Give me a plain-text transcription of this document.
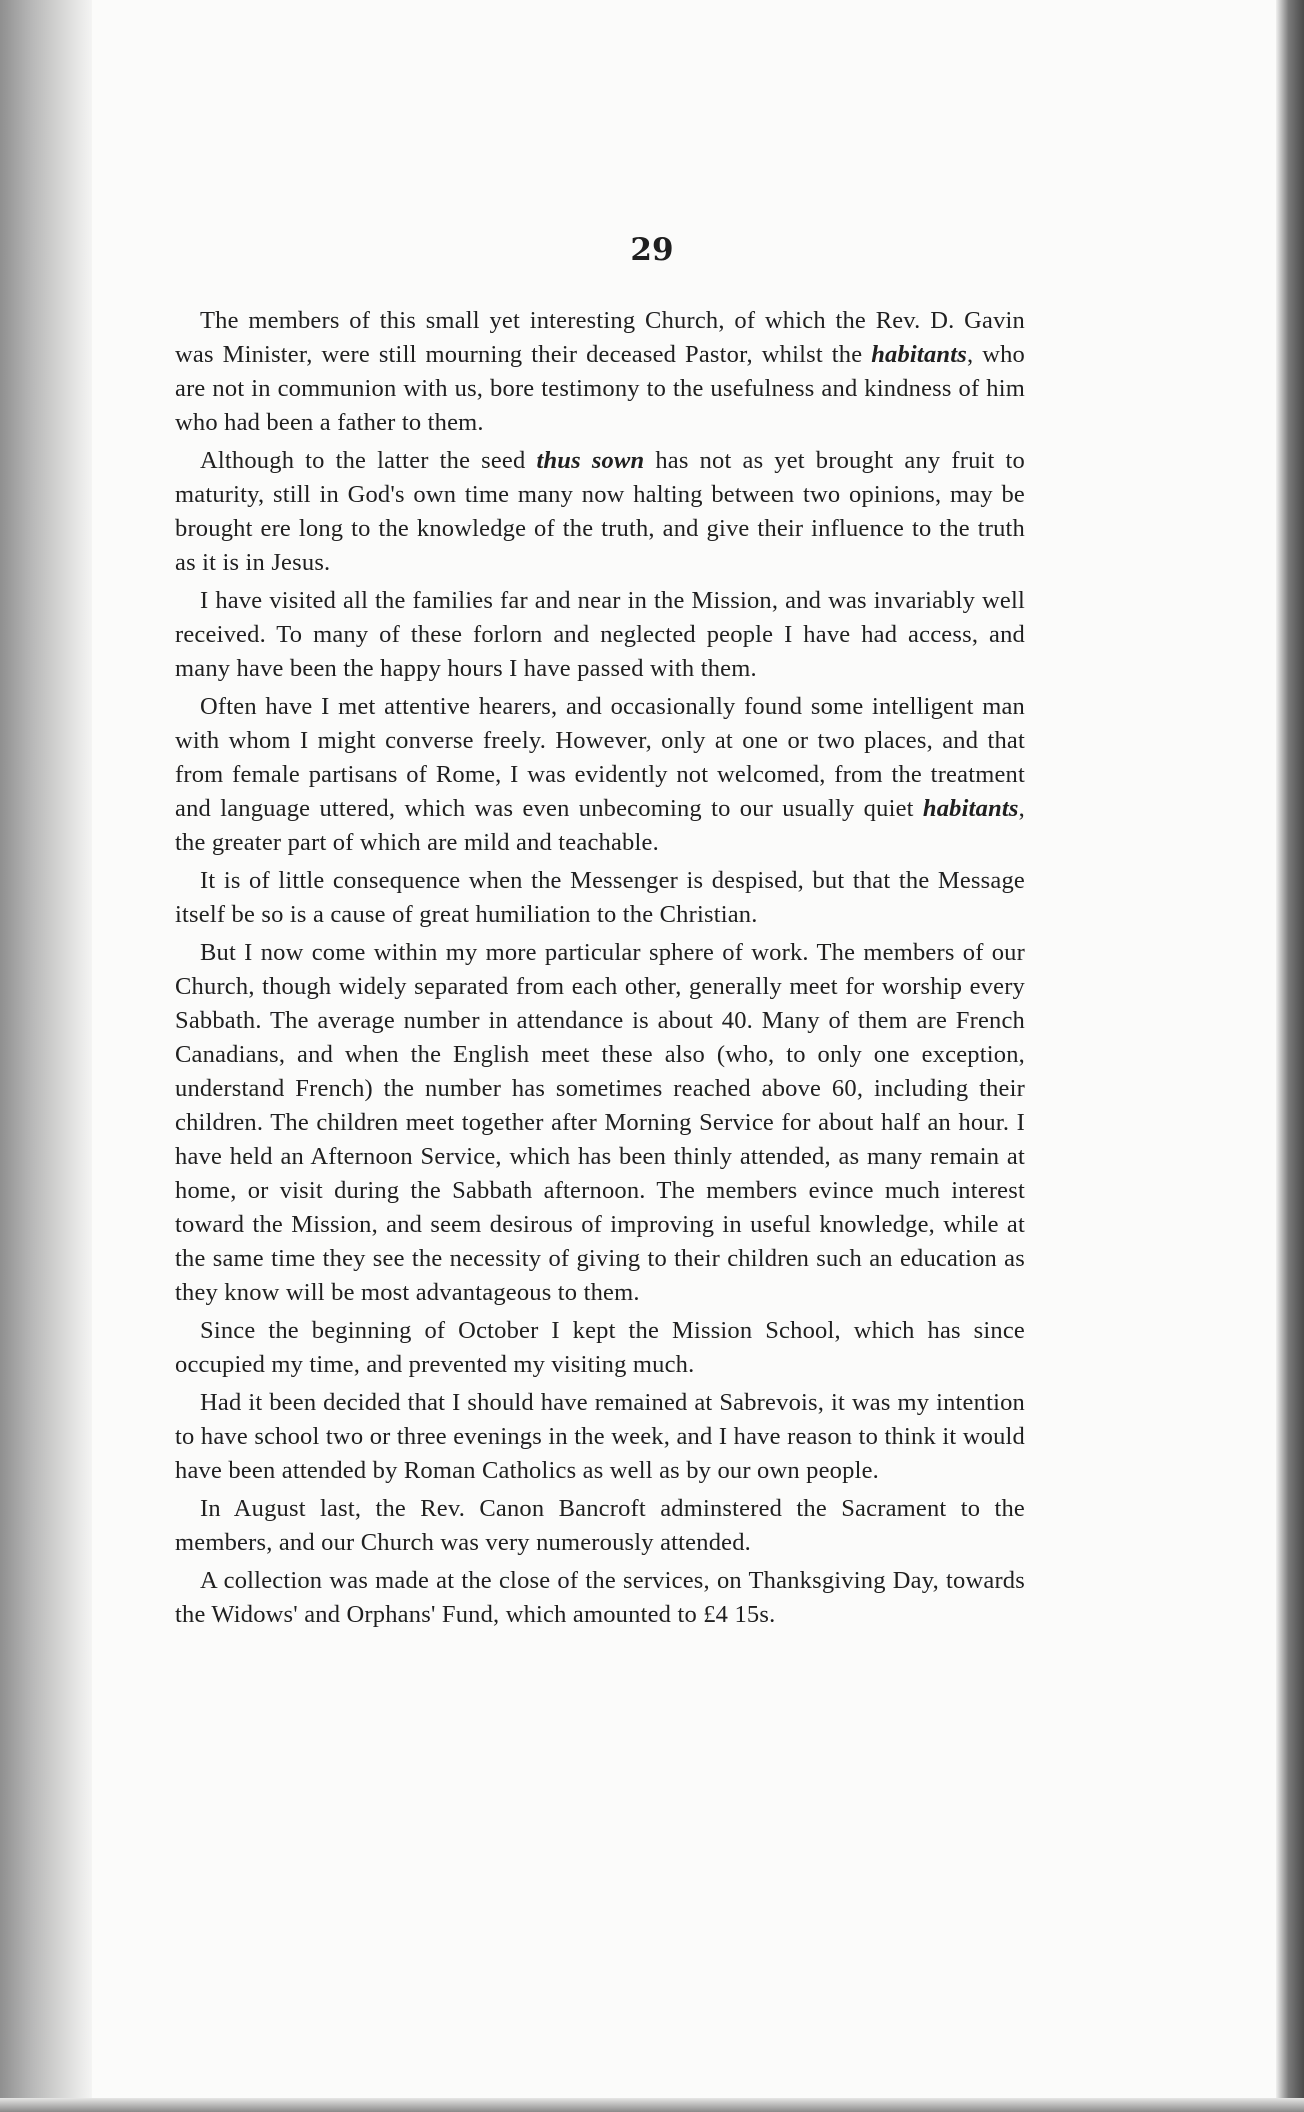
29

The members of this small yet interesting Church, of which the Rev. D. Gavin was Minister, were still mourning their deceased Pastor, whilst the habitants, who are not in communion with us, bore testimony to the usefulness and kindness of him who had been a father to them.

Although to the latter the seed thus sown has not as yet brought any fruit to maturity, still in God's own time many now halting between two opinions, may be brought ere long to the knowledge of the truth, and give their influence to the truth as it is in Jesus.

I have visited all the families far and near in the Mission, and was invariably well received. To many of these forlorn and neglected people I have had access, and many have been the happy hours I have passed with them.

Often have I met attentive hearers, and occasionally found some intelligent man with whom I might converse freely. However, only at one or two places, and that from female partisans of Rome, I was evidently not welcomed, from the treatment and language uttered, which was even unbecoming to our usually quiet habitants, the greater part of which are mild and teachable.

It is of little consequence when the Messenger is despised, but that the Message itself be so is a cause of great humiliation to the Christian.

But I now come within my more particular sphere of work. The members of our Church, though widely separated from each other, generally meet for worship every Sabbath. The average number in attendance is about 40. Many of them are French Canadians, and when the English meet these also (who, to only one exception, understand French) the number has sometimes reached above 60, including their children. The children meet together after Morning Service for about half an hour. I have held an Afternoon Service, which has been thinly attended, as many remain at home, or visit during the Sabbath afternoon. The members evince much interest toward the Mission, and seem desirous of improving in useful knowledge, while at the same time they see the necessity of giving to their children such an education as they know will be most advantageous to them.

Since the beginning of October I kept the Mission School, which has since occupied my time, and prevented my visiting much.

Had it been decided that I should have remained at Sabrevois, it was my intention to have school two or three evenings in the week, and I have reason to think it would have been attended by Roman Catholics as well as by our own people.

In August last, the Rev. Canon Bancroft adminstered the Sacrament to the members, and our Church was very numerously attended.

A collection was made at the close of the services, on Thanksgiving Day, towards the Widows' and Orphans' Fund, which amounted to £4 15s.
